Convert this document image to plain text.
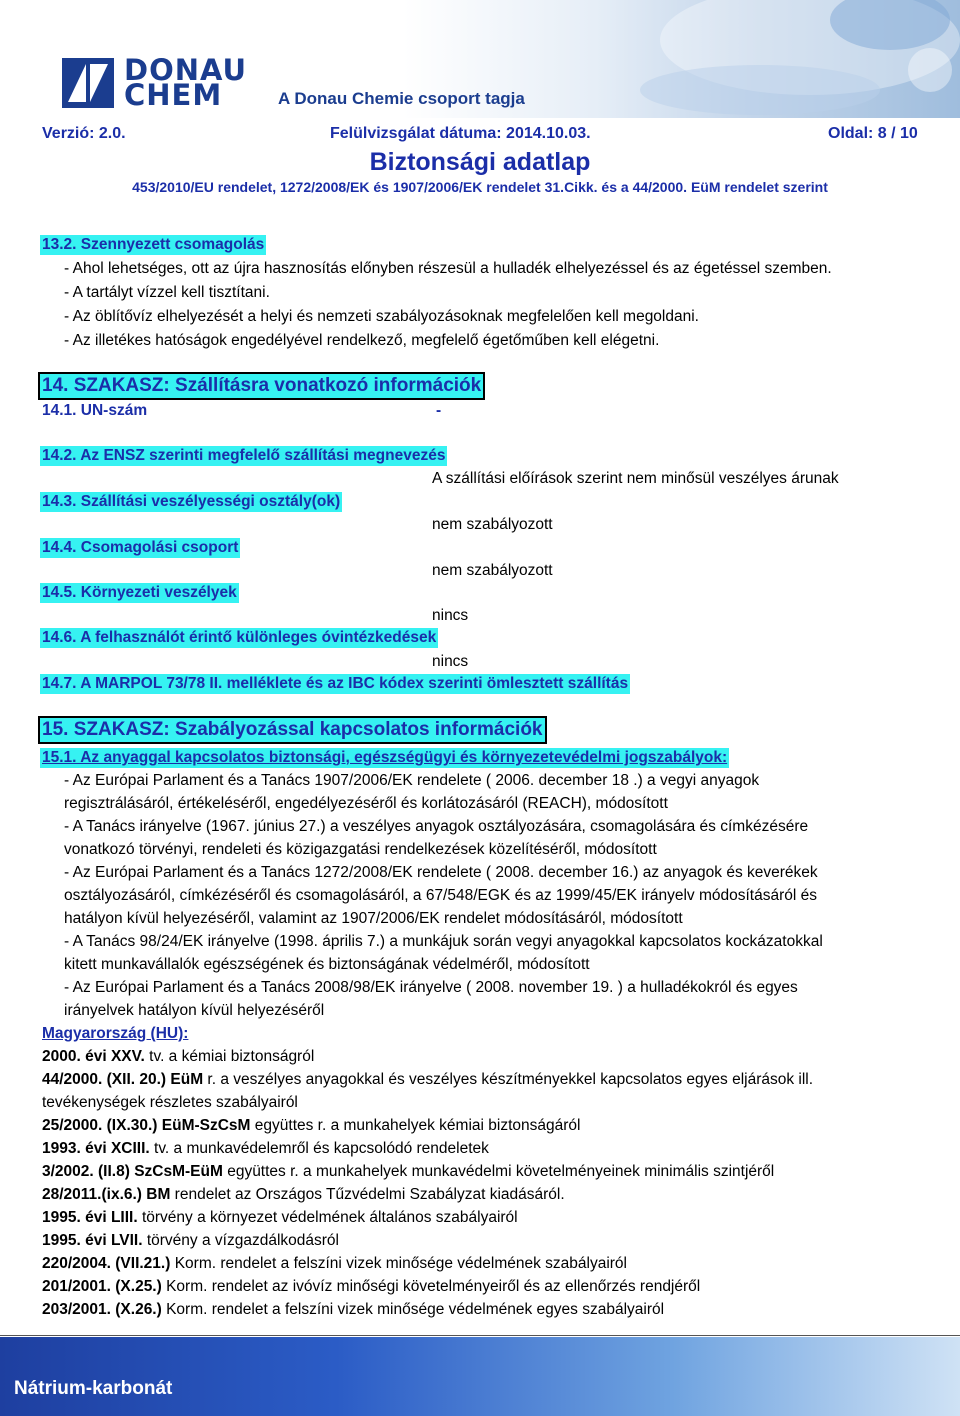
DONAU
CHEM	A Donau Chemie csoport tagja
Verzió: 2.0.	Felülvizsgálat dátuma: 2014.10.03.	Oldal: 8 / 10
Biztonsági adatlap
453/2010/EU rendelet, 1272/2008/EK és 1907/2006/EK rendelet 31.Cikk. és a 44/2000. EüM rendelet szerint
13.2. Szennyezett csomagolás
- Ahol lehetséges, ott az újra hasznosítás előnyben részesül a hulladék elhelyezéssel és az égetéssel szemben.
- A tartályt vízzel kell tisztítani.
- Az öblítővíz elhelyezését a helyi és nemzeti szabályozásoknak megfelelően kell megoldani.
- Az illetékes hatóságok engedélyével rendelkező, megfelelő égetőműben kell elégetni.
14. SZAKASZ: Szállításra vonatkozó információk
14.1. UN-szám	-
14.2. Az ENSZ szerinti megfelelő szállítási megnevezés
A szállítási előírások szerint nem minősül veszélyes árunak
14.3. Szállítási veszélyességi osztály(ok)
nem szabályozott
14.4. Csomagolási csoport
nem szabályozott
14.5. Környezeti veszélyek
nincs
14.6. A felhasználót érintő különleges óvintézkedések
nincs
14.7. A MARPOL 73/78 II. melléklete és az IBC kódex szerinti ömlesztett szállítás
15. SZAKASZ: Szabályozással kapcsolatos információk
15.1. Az anyaggal kapcsolatos biztonsági, egészségügyi és környezetevédelmi jogszabályok:
- Az Európai Parlament és a Tanács 1907/2006/EK rendelete ( 2006. december 18 .) a vegyi anyagok
regisztrálásáról, értékeléséről, engedélyezéséről és korlátozásáról (REACH), módosított
- A Tanács irányelve (1967. június 27.) a veszélyes anyagok osztályozására, csomagolására és címkézésére
vonatkozó törvényi, rendeleti és közigazgatási rendelkezések közelítéséről, módosított
- Az Európai Parlament és a Tanács 1272/2008/EK rendelete ( 2008. december 16.) az anyagok és keverékek
osztályozásáról, címkézéséről és csomagolásáról, a 67/548/EGK és az 1999/45/EK irányelv módosításáról és
hatályon kívül helyezéséről, valamint az 1907/2006/EK rendelet módosításáról, módosított
- A Tanács 98/24/EK irányelve (1998. április 7.) a munkájuk során vegyi anyagokkal kapcsolatos kockázatokkal
kitett munkavállalók egészségének és biztonságának védelméről, módosított
- Az Európai Parlament és a Tanács 2008/98/EK irányelve ( 2008. november 19. ) a hulladékokról és egyes
irányelvek hatályon kívül helyezéséről
Magyarország (HU):
2000. évi XXV. tv. a kémiai biztonságról
44/2000. (XII. 20.) EüM r. a veszélyes anyagokkal és veszélyes készítményekkel kapcsolatos egyes eljárások ill.
tevékenységek részletes szabályairól
25/2000. (IX.30.) EüM-SzCsM együttes r. a munkahelyek kémiai biztonságáról
1993. évi XCIII. tv. a munkavédelemről és kapcsolódó rendeletek
3/2002. (II.8) SzCsM-EüM együttes r. a munkahelyek munkavédelmi követelményeinek minimális szintjéről
28/2011.(ix.6.) BM rendelet az Országos Tűzvédelmi Szabályzat kiadásáról.
1995. évi LIII. törvény a környezet védelmének általános szabályairól
1995. évi LVII. törvény a vízgazdálkodásról
220/2004. (VII.21.) Korm. rendelet a felszíni vizek minősége védelmének szabályairól
201/2001. (X.25.) Korm. rendelet az ivóvíz minőségi követelményeiről és az ellenőrzés rendjéről
203/2001. (X.26.) Korm. rendelet a felszíni vizek minősége védelmének egyes szabályairól
Nátrium-karbonát
